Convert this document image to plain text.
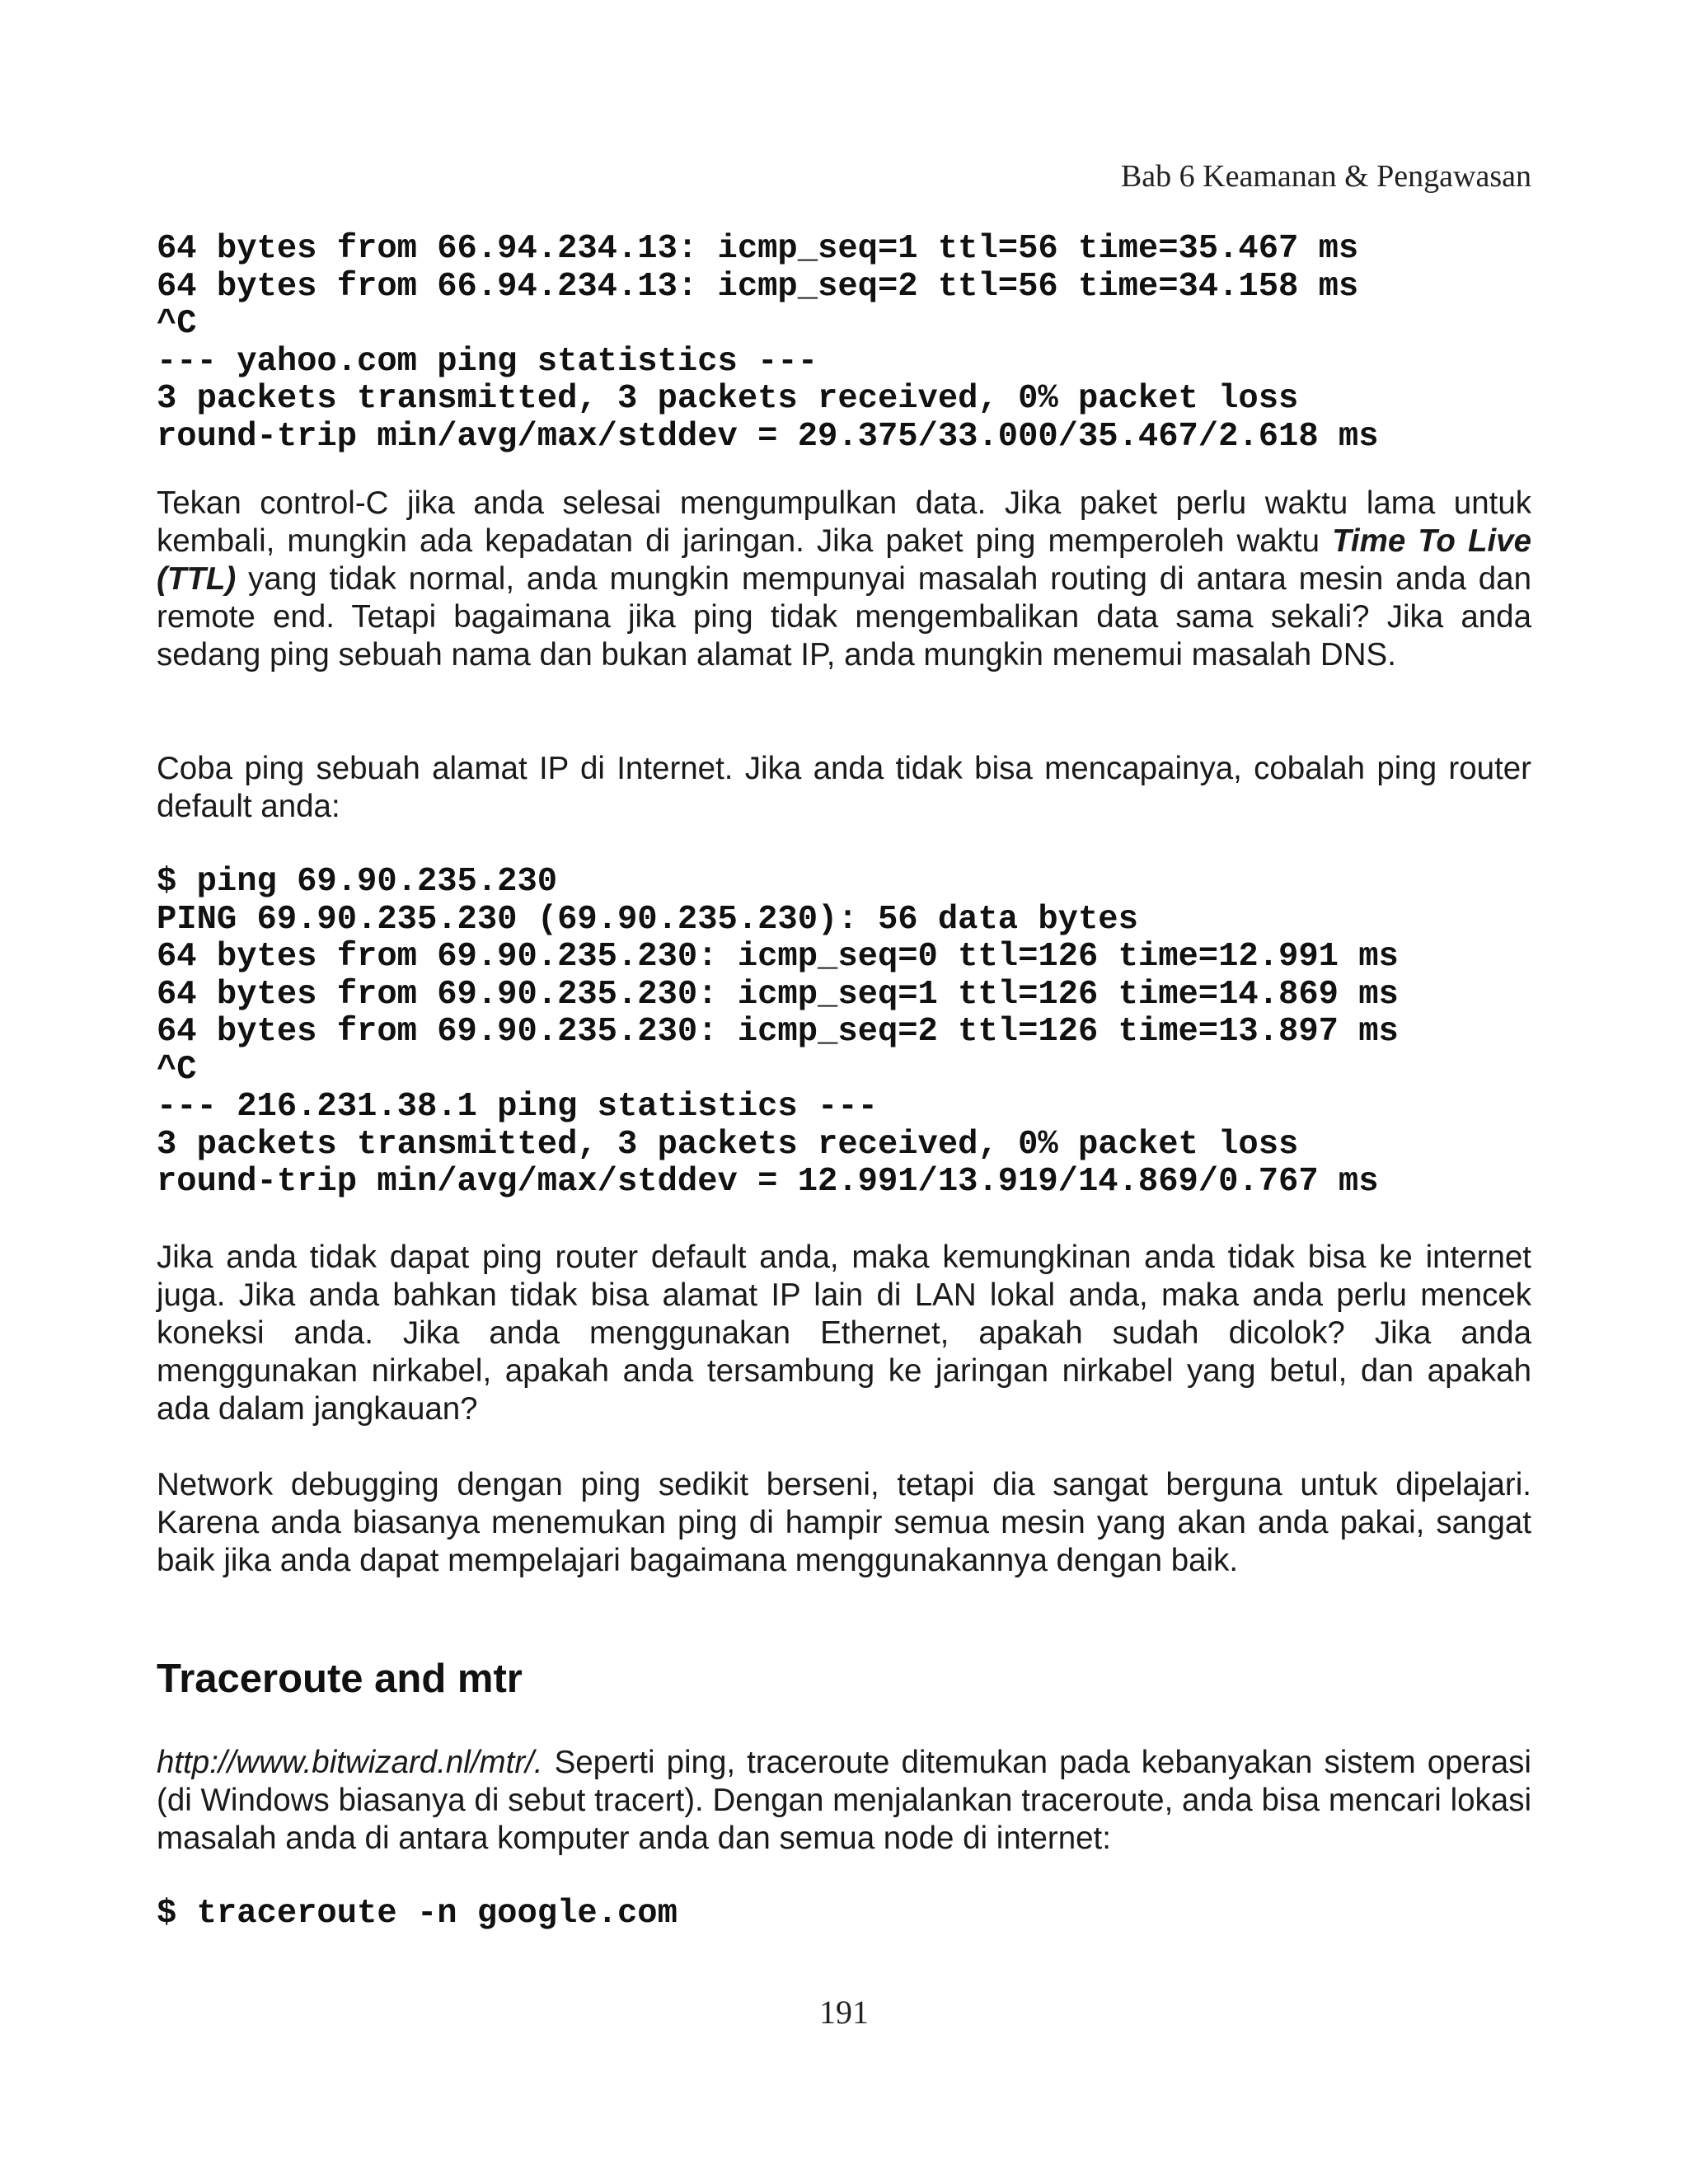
Bab 6 Keamanan & Pengawasan
64 bytes from 66.94.234.13: icmp_seq=1 ttl=56 time=35.467 ms
64 bytes from 66.94.234.13: icmp_seq=2 ttl=56 time=34.158 ms
^C
--- yahoo.com ping statistics ---
3 packets transmitted, 3 packets received, 0% packet loss
round-trip min/avg/max/stddev = 29.375/33.000/35.467/2.618 ms

Tekan control-C jika anda selesai mengumpulkan data. Jika paket perlu waktu lama untuk kembali, mungkin ada kepadatan di jaringan. Jika paket ping memperoleh waktu Time To Live (TTL) yang tidak normal, anda mungkin mempunyai masalah routing di antara mesin anda dan remote end. Tetapi bagaimana jika ping tidak mengembalikan data sama sekali? Jika anda sedang ping sebuah nama dan bukan alamat IP, anda mungkin menemui masalah DNS.

Coba ping sebuah alamat IP di Internet. Jika anda tidak bisa mencapainya, cobalah ping router default anda:

$ ping 69.90.235.230
PING 69.90.235.230 (69.90.235.230): 56 data bytes
64 bytes from 69.90.235.230: icmp_seq=0 ttl=126 time=12.991 ms
64 bytes from 69.90.235.230: icmp_seq=1 ttl=126 time=14.869 ms
64 bytes from 69.90.235.230: icmp_seq=2 ttl=126 time=13.897 ms
^C
--- 216.231.38.1 ping statistics ---
3 packets transmitted, 3 packets received, 0% packet loss
round-trip min/avg/max/stddev = 12.991/13.919/14.869/0.767 ms

Jika anda tidak dapat ping router default anda, maka kemungkinan anda tidak bisa ke internet juga. Jika anda bahkan tidak bisa alamat IP lain di LAN lokal anda, maka anda perlu mencek koneksi anda. Jika anda menggunakan Ethernet, apakah sudah dicolok? Jika anda menggunakan nirkabel, apakah anda tersambung ke jaringan nirkabel yang betul, dan apakah ada dalam jangkauan?

Network debugging dengan ping sedikit berseni, tetapi dia sangat berguna untuk dipelajari. Karena anda biasanya menemukan ping di hampir semua mesin yang akan anda pakai, sangat baik jika anda dapat mempelajari bagaimana menggunakannya dengan baik.

Traceroute and mtr

http://www.bitwizard.nl/mtr/. Seperti ping, traceroute ditemukan pada kebanyakan sistem operasi (di Windows biasanya di sebut tracert). Dengan menjalankan traceroute, anda bisa mencari lokasi masalah anda di antara komputer anda dan semua node di internet:

$ traceroute -n google.com
191
